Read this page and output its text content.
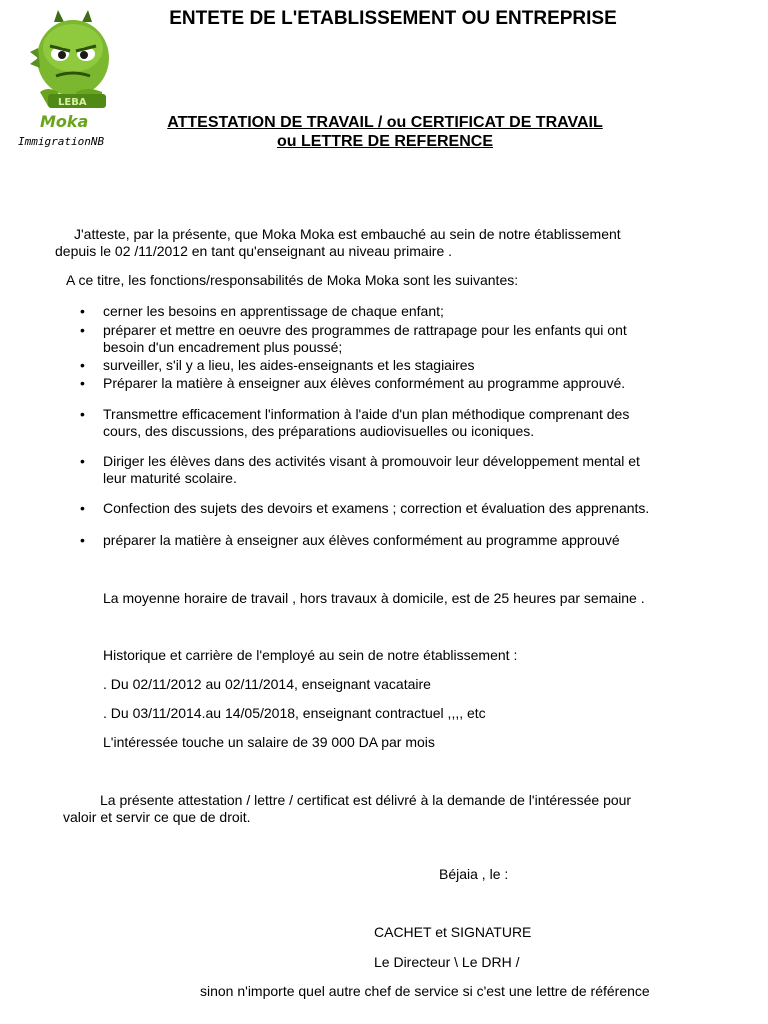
ENTETE DE L'ETABLISSEMENT OU ENTREPRISE
LEBA
Moka
ImmigrationNB
ATTESTATION DE TRAVAIL / ou CERTIFICAT DE TRAVAIL
ou LETTRE DE REFERENCE
J'atteste, par la présente, que Moka Moka est embauché au sein de notre établissement
depuis le 02 /11/2012 en tant qu'enseignant au niveau primaire .
A ce titre, les fonctions/responsabilités de Moka Moka sont les suivantes:
• cerner les besoins en apprentissage de chaque enfant;
• préparer et mettre en oeuvre des programmes de rattrapage pour les enfants qui ont
besoin d'un encadrement plus poussé;
• surveiller, s'il y a lieu, les aides-enseignants et les stagiaires
• Préparer la matière à enseigner aux élèves conformément au programme approuvé.
• Transmettre efficacement l'information à l'aide d'un plan méthodique comprenant des
cours, des discussions, des préparations audiovisuelles ou iconiques.
• Diriger les élèves dans des activités visant à promouvoir leur développement mental et
leur maturité scolaire.
• Confection des sujets des devoirs et examens ; correction et évaluation des apprenants.
• préparer la matière à enseigner aux élèves conformément au programme approuvé
La moyenne horaire de travail , hors travaux à domicile, est de 25 heures par semaine .
Historique et carrière de l'employé au sein de notre établissement :
. Du 02/11/2012 au 02/11/2014, enseignant vacataire
. Du 03/11/2014.au 14/05/2018, enseignant contractuel ,,,, etc
L'intéressée touche un salaire de 39 000 DA par mois
La présente attestation / lettre / certificat est délivré à la demande de l'intéressée pour
valoir et servir ce que de droit.
Béjaia , le :
CACHET et SIGNATURE
Le Directeur \ Le DRH /
sinon n'importe quel autre chef de service si c'est une lettre de référence
